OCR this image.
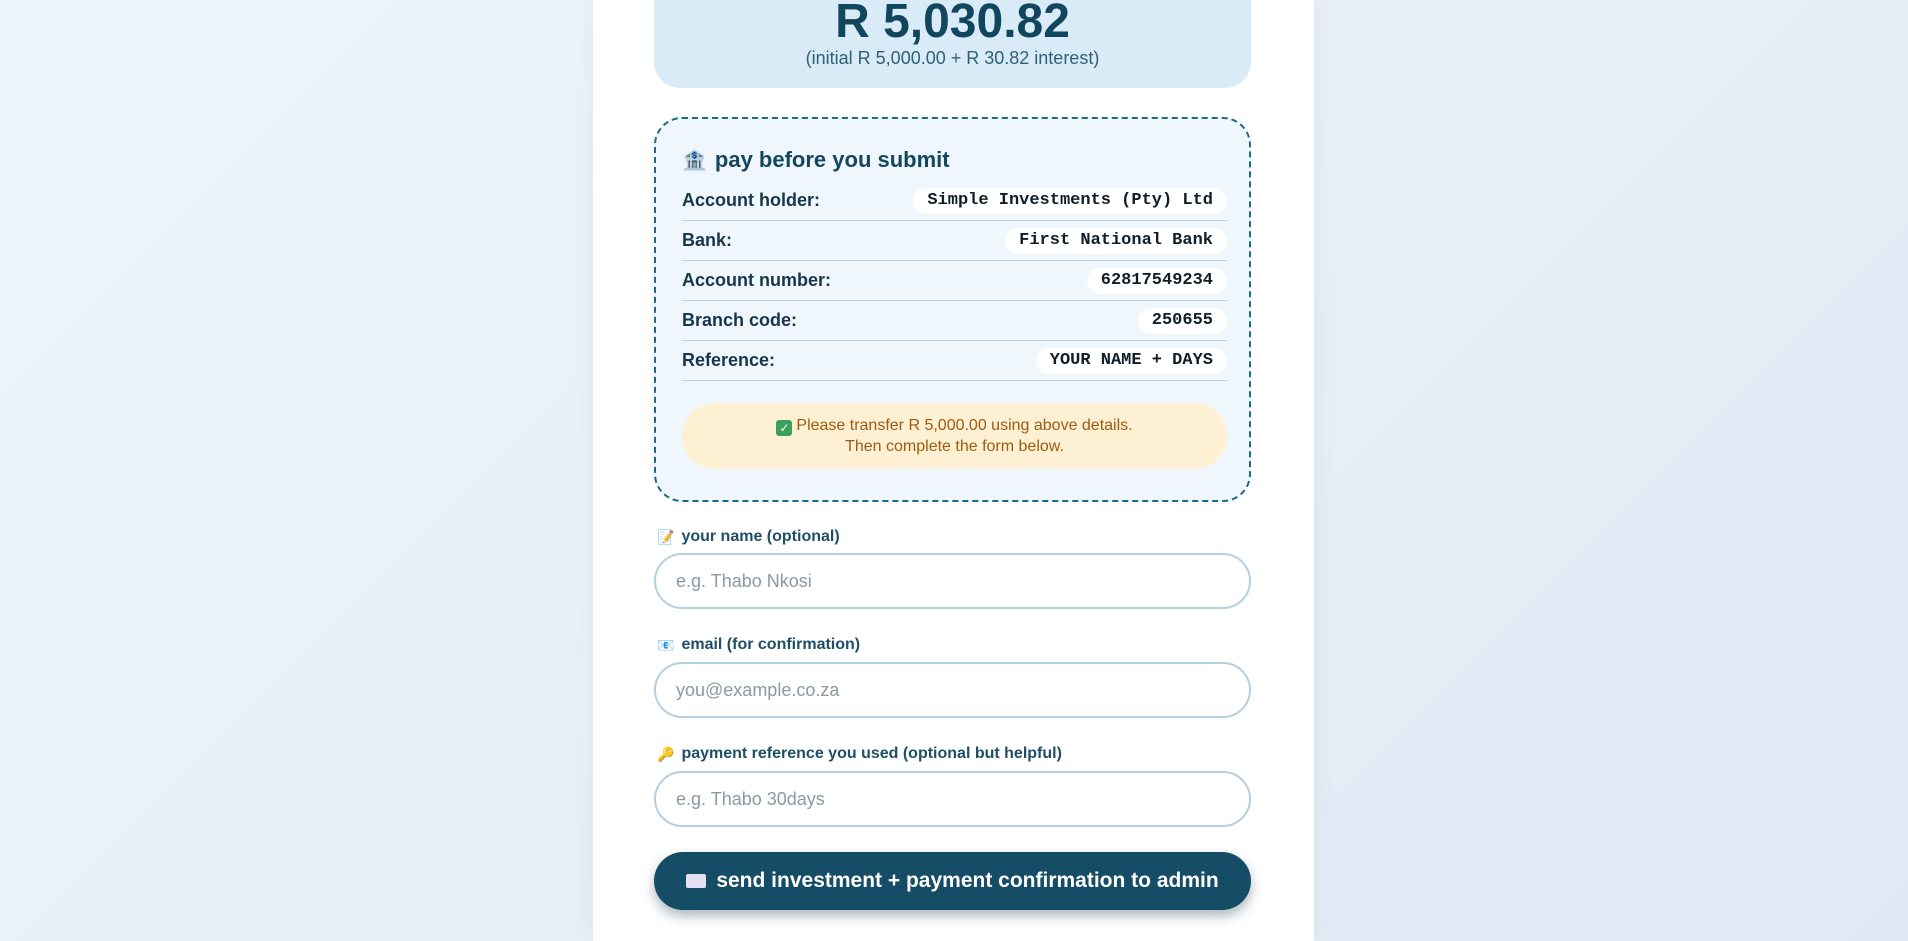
R 5,030.82
(initial R 5,000.00 + R 30.82 interest)
🏦 pay before you submit
Account holder:	Simple Investments (Pty) Ltd
Bank:	First National Bank
Account number:	62817549234
Branch code:	250655
Reference:	YOUR NAME + DAYS
✓ Please transfer R 5,000.00 using above details.
Then complete the form below.
📝 your name (optional)
e.g. Thabo Nkosi
📧 email (for confirmation)
you@example.co.za
🔑 payment reference you used (optional but helpful)
e.g. Thabo 30days
send investment + payment confirmation to admin
